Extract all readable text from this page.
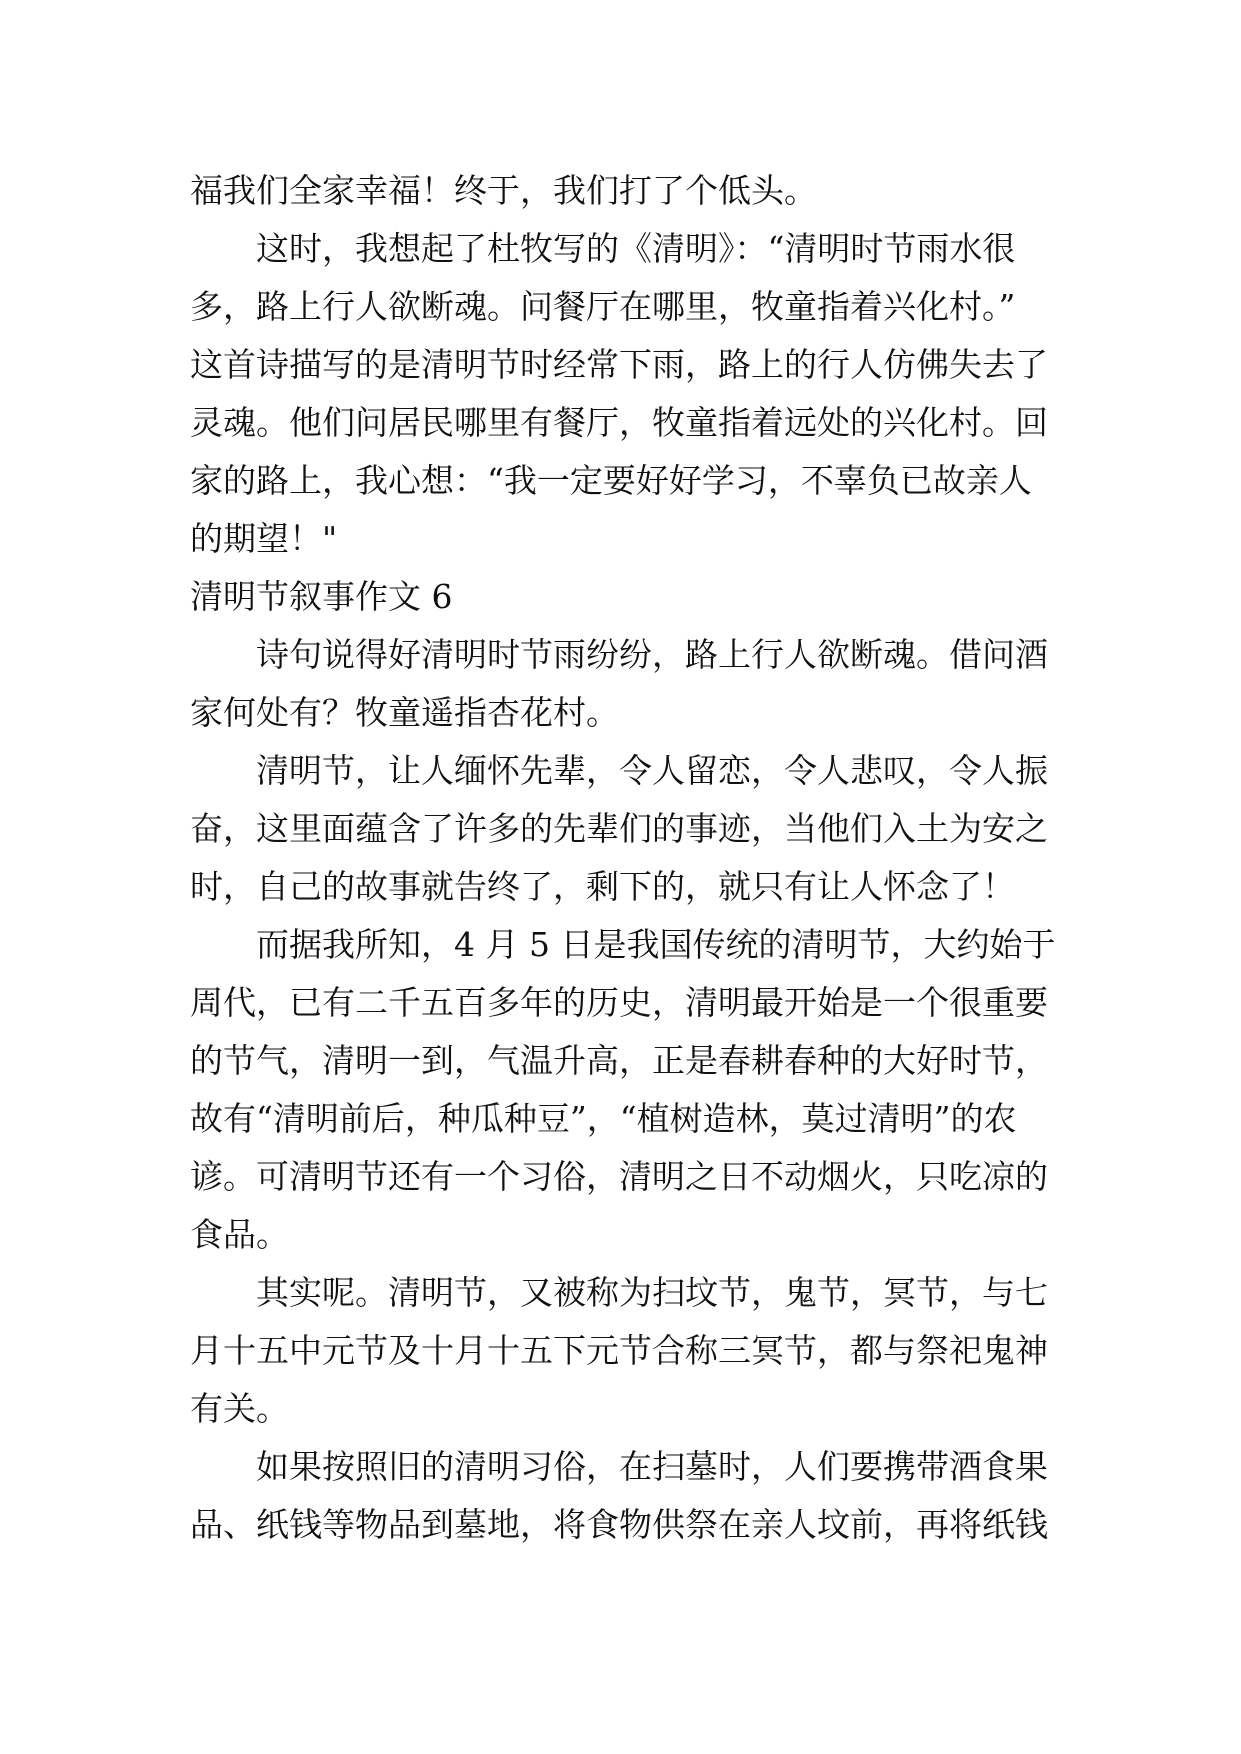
福我们全家幸福！终于，我们打了个低头。
这时，我想起了杜牧写的《清明》：“清明时节雨水很
多，路上行人欲断魂。问餐厅在哪里，牧童指着兴化村。”
这首诗描写的是清明节时经常下雨，路上的行人仿佛失去了
灵魂。他们问居民哪里有餐厅，牧童指着远处的兴化村。回
家的路上，我心想：“我一定要好好学习，不辜负已故亲人
的期望！"
清明节叙事作文 6
诗句说得好清明时节雨纷纷，路上行人欲断魂。借问酒
家何处有？牧童遥指杏花村。
清明节，让人缅怀先辈，令人留恋，令人悲叹，令人振
奋，这里面蕴含了许多的先辈们的事迹，当他们入土为安之
时，自己的故事就告终了，剩下的，就只有让人怀念了！
而据我所知，4 月 5 日是我国传统的清明节，大约始于
周代，已有二千五百多年的历史，清明最开始是一个很重要
的节气，清明一到，气温升高，正是春耕春种的大好时节，
故有“清明前后，种瓜种豆”，“植树造林，莫过清明”的农
谚。可清明节还有一个习俗，清明之日不动烟火，只吃凉的
食品。
其实呢。清明节，又被称为扫坟节，鬼节，冥节，与七
月十五中元节及十月十五下元节合称三冥节，都与祭祀鬼神
有关。
如果按照旧的清明习俗，在扫墓时，人们要携带酒食果
品、纸钱等物品到墓地，将食物供祭在亲人坟前，再将纸钱
